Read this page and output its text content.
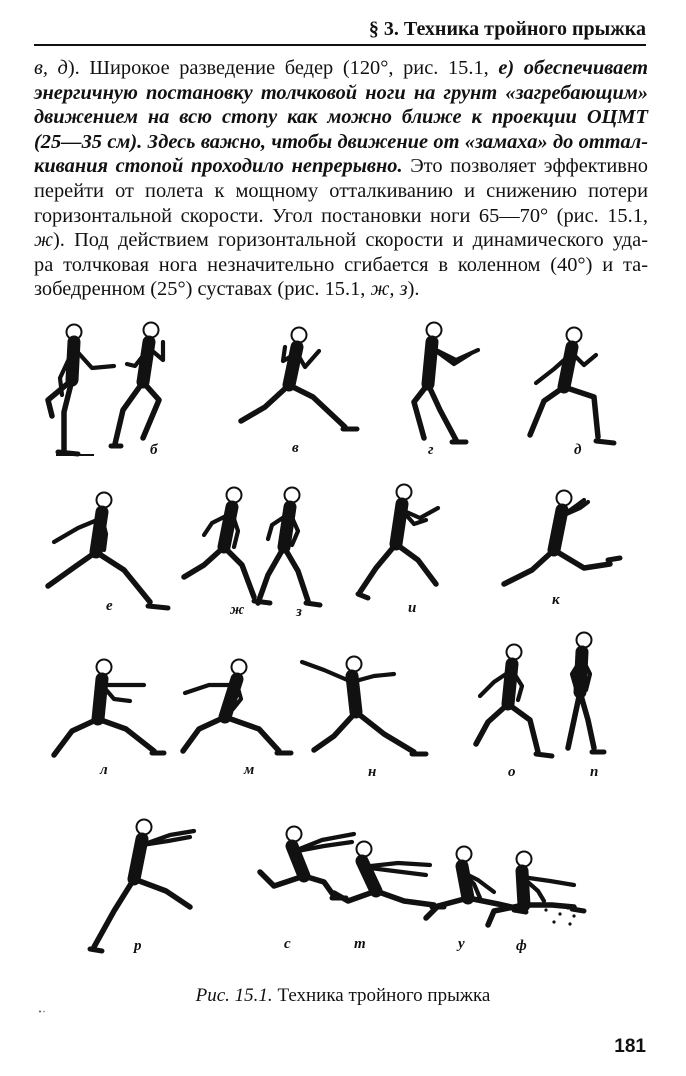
§ 3. Техника тройного прыжка
в, д). Широкое разведение бедер (120°, рис. 15.1, е) обеспечивает
энергичную постановку толчковой ноги на грунт «загребающим»
движением на всю стопу как можно ближе к проекции ОЦМТ
(25—35 см). Здесь важно, чтобы движение от «замаха» до оттал-
кивания стопой проходило непрерывно. Это позволяет эффективно
перейти от полета к мощному отталкиванию и снижению потери
горизонтальной скорости. Угол постановки ноги 65—70° (рис. 15.1,
ж). Под действием горизонтальной скорости и динамического уда-
ра толчковая нога незначительно сгибается в коленном (40°) и та-
зобедренном (25°) суставах (рис. 15.1, ж, з).
б	в	г	д
е	ж	з	и	к
л	м	н	о	п
р	с	т	у	ф
Рис. 15.1. Техника тройного прыжка
181
